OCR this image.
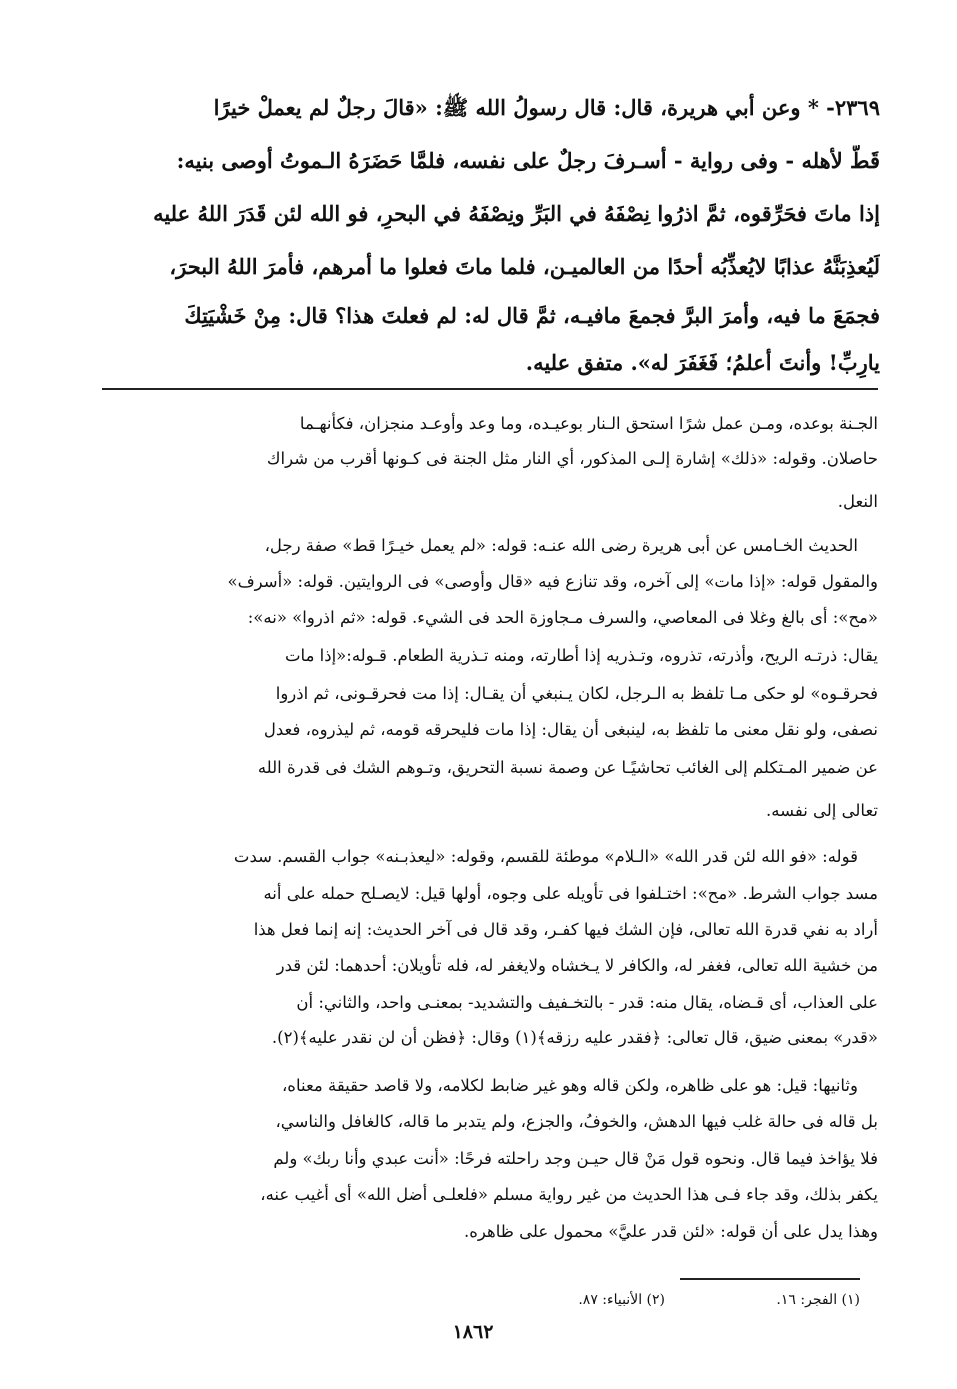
٢٣٦٩- * وعن أبي هريرة، قال: قال رسولُ الله ﷺ: «قالَ رجلٌ لم يعملْ خيرًا
قَطُّ لأهله - وفى رواية - أسـرفَ رجلٌ على نفسه، فلمَّا حَضَرَهُ الـموتُ أوصى بنيه:
إذا ماتَ فحَرِّقوه، ثمَّ اذرُوا نِصْفَهُ في البَرِّ ونِصْفَهُ في البحرِ، فو الله لئن قَدَرَ اللهُ عليه
لَيُعذِبَنَّهُ عذابًا لايُعذِّبُه أحدًا من العالميـن، فلما ماتَ فعلوا ما أمرهم، فأمرَ اللهُ البحرَ،
فجمَعَ ما فيه، وأمرَ البرَّ فجمعَ مافيـه، ثمَّ قال له: لم فعلتَ هذا؟ قال: مِنْ خَشْيَتِكَ
يارِبِّ! وأنتَ أعلمُ؛ فَغَفَرَ له». متفق عليه.
الجـنة بوعده، ومـن عمل شرًا استحق الـنار بوعيـده، وما وعد وأوعـد منجزان، فكأنهـما
حاصلان. وقوله: «ذلك» إشارة إلـى المذكور، أي النار مثل الجنة فى كـونها أقرب من شراك
النعل.
الحديث الخـامس عن أبى هريرة رضى الله عنـه: قوله: «لم يعمل خيـرًا قط» صفة رجل،
والمقول قوله: «إذا مات» إلى آخره، وقد تنازع فيه «قال وأوصى» فى الروايتين. قوله: «أسرف»
«مح»: أى بالغ وغلا فى المعاصي، والسرف مـجاوزة الحد فى الشيء. قوله: «ثم اذروا» «نه»:
يقال: ذرتـه الريح، وأذرته، تذروه، وتـذريه إذا أطارته، ومنه تـذرية الطعام. قـوله:«إذا مات
فحرقـوه» لو حكى مـا تلفظ به الـرجل، لكان يـنبغي أن يقـال: إذا مت فحرقـونى، ثم اذروا
نصفى، ولو نقل معنى ما تلفظ به، لينبغى أن يقال: إذا مات فليحرقه قومه، ثم ليذروه، فعدل
عن ضمير المـتكلم إلى الغائب تحاشيًـا عن وصمة نسبة التحريق، وتـوهم الشك فى قدرة الله
تعالى إلى نفسه.
قوله: «فو الله لئن قدر الله» «الـلام» موطئة للقسم، وقوله: «ليعذبـنه» جواب القسم. سدت
مسد جواب الشرط. «مح»: اختـلفوا فى تأويله على وجوه، أولها قيل: لايصـلح حمله على أنه
أراد به نفي قدرة الله تعالى، فإن الشك فيها كفـر، وقد قال فى آخر الحديث: إنه إنما فعل هذا
من خشية الله تعالى، فغفر له، والكافر لا يـخشاه ولايغفر له، فله تأويلان: أحدهما: لئن قدر
على العذاب، أى قـضاه، يقال منه: قدر - بالتخـفيف والتشديد- بمعنـى واحد، والثاني: أن
«قدر» بمعنى ضيق، قال تعالى: ﴿فقدر عليه رزقه﴾(١) وقال: ﴿فظن أن لن نقدر عليه﴾(٢).
وثانيها: قيل: هو على ظاهره، ولكن قاله وهو غير ضابط لكلامه، ولا قاصد حقيقة معناه،
بل قاله فى حالة غلب فيها الدهش، والخوفُ، والجزع، ولم يتدبر ما قاله، كالغافل والناسي،
فلا يؤاخذ فيما قال. ونحوه قول مَنْ قال حيـن وجد راحلته فرحًا: «أنت عبدي وأنا ربك» ولم
يكفر بذلك، وقد جاء فـى هذا الحديث من غير رواية مسلم «فلعلـى أضل الله» أى أغيب عنه،
وهذا يدل على أن قوله: «لئن قدر عليَّ» محمول على ظاهره.
(١) الفجر: ١٦.
(٢) الأنبياء: ٨٧.
١٨٦٢
